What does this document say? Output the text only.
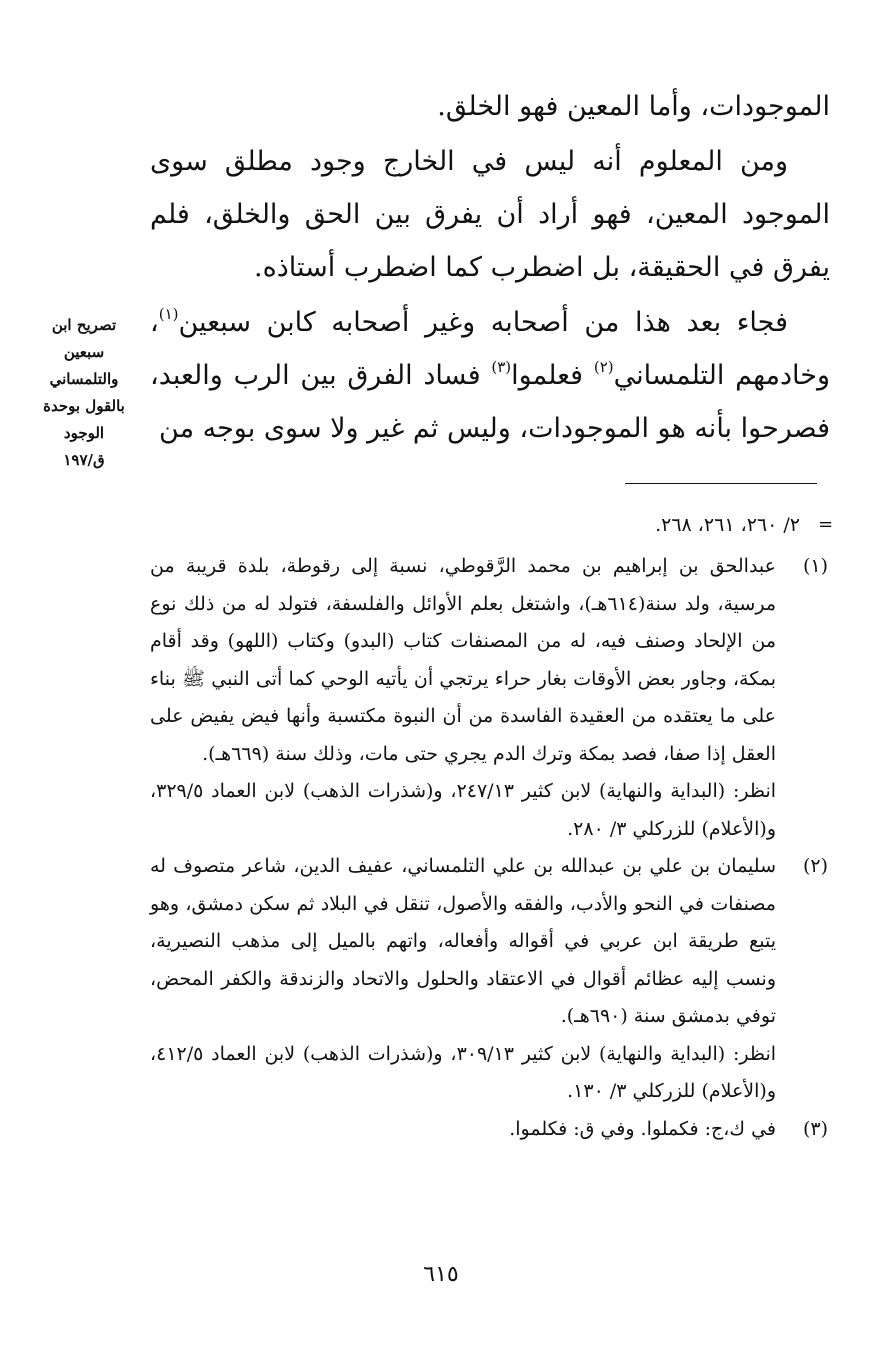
الموجودات، وأما المعين فهو الخلق.

ومن المعلوم أنه ليس في الخارج وجود مطلق سوى الموجود المعين، فهو أراد أن يفرق بين الحق والخلق، فلم يفرق في الحقيقة، بل اضطرب كما اضطرب أستاذه.

فجاء بعد هذا من أصحابه وغير أصحابه كابن سبعين$^{(١)}$، وخادمهم التلمساني$^{(٢)}$ فعلموا$^{(٣)}$ فساد الفرق بين الرب والعبد، فصرحوا بأنه هو الموجودات، وليس ثم غير ولا سوى بوجه من

تصريح ابن
سبعين
والتلمساني
بالقول بوحدة
الوجود
ق/١٩٧
=
٢/ ٢٦٠، ٢٦١، ٢٦٨.
(١)

عبدالحق بن إبراهيم بن محمد الرَّقوطي، نسبة إلى رقوطة، بلدة قريبة من مرسية، ولد سنة(٦١٤هـ)، واشتغل بعلم الأوائل والفلسفة، فتولد له من ذلك نوع من الإلحاد وصنف فيه، له من المصنفات كتاب (البدو) وكتاب (اللهو) وقد أقام بمكة، وجاور بعض الأوقات بغار حراء يرتجي أن يأتيه الوحي كما أتى النبي ﷺ بناء على ما يعتقده من العقيدة الفاسدة من أن النبوة مكتسبة وأنها فيض يفيض على العقل إذا صفا، فصد بمكة وترك الدم يجري حتى مات، وذلك سنة (٦٦٩هـ).

انظر: (البداية والنهاية) لابن كثير ٢٤٧/١٣، و(شذرات الذهب) لابن العماد ٣٢٩/٥، و(الأعلام) للزركلي ٣/ ٢٨٠.

(٢)

سليمان بن علي بن عبدالله بن علي التلمساني، عفيف الدين، شاعر متصوف له مصنفات في النحو والأدب، والفقه والأصول، تنقل في البلاد ثم سكن دمشق، وهو يتبع طريقة ابن عربي في أقواله وأفعاله، واتهم بالميل إلى مذهب النصيرية، ونسب إليه عظائم أقوال في الاعتقاد والحلول والاتحاد والزندقة والكفر المحض، توفي بدمشق سنة (٦٩٠هـ).

انظر: (البداية والنهاية) لابن كثير ٣٠٩/١٣، و(شذرات الذهب) لابن العماد ٤١٢/٥، و(الأعلام) للزركلي ٣/ ١٣٠.

(٣)

في ك،ج: فكملوا. وفي ق: فكلموا.

٦١٥
